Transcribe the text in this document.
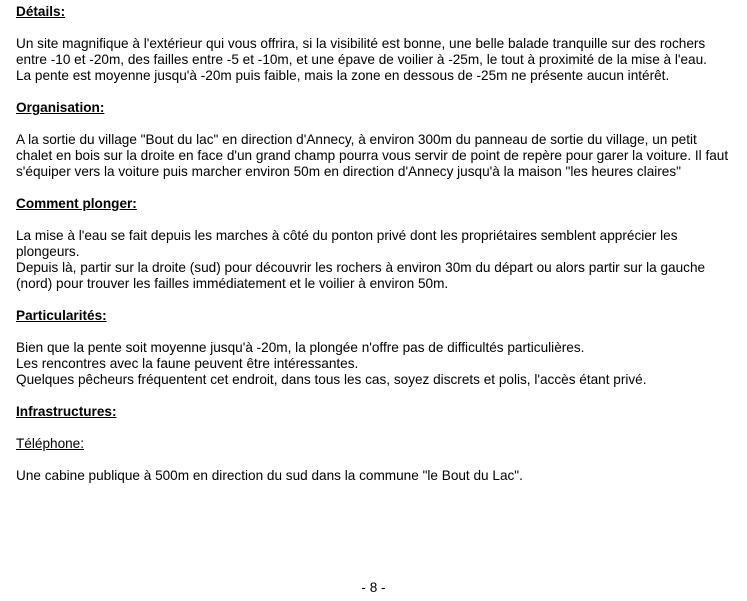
Détails:

Un site magnifique à l'extérieur qui vous offrira, si la visibilité est bonne, une belle balade tranquille sur des rochers entre -10 et -20m, des failles entre -5 et -10m, et une épave de voilier à -25m, le tout à proximité de la mise à l'eau.

La pente est moyenne jusqu'à -20m puis faible, mais la zone en dessous de -25m ne présente aucun intérêt.

Organisation:

A la sortie du village "Bout du lac" en direction d'Annecy, à environ 300m du panneau de sortie du village, un petit chalet en bois sur la droite en face d'un grand champ pourra vous servir de point de repère pour garer la voiture. Il faut s'équiper vers la voiture puis marcher environ 50m en direction d'Annecy jusqu'à la maison "les heures claires"

Comment plonger:

La mise à l'eau se fait depuis les marches à côté du ponton privé dont les propriétaires semblent apprécier les plongeurs.

Depuis là, partir sur la droite (sud) pour découvrir les rochers à environ 30m du départ ou alors partir sur la gauche (nord) pour trouver les failles immédiatement et le voilier à environ 50m.

Particularités:

Bien que la pente soit moyenne jusqu'à -20m, la plongée n'offre pas de difficultés particulières.

Les rencontres avec la faune peuvent être intéressantes.

Quelques pêcheurs fréquentent cet endroit, dans tous les cas, soyez discrets et polis, l'accès étant privé.

Infrastructures:

Téléphone:

Une cabine publique à 500m en direction du sud dans la commune "le Bout du Lac".

- 8 -
